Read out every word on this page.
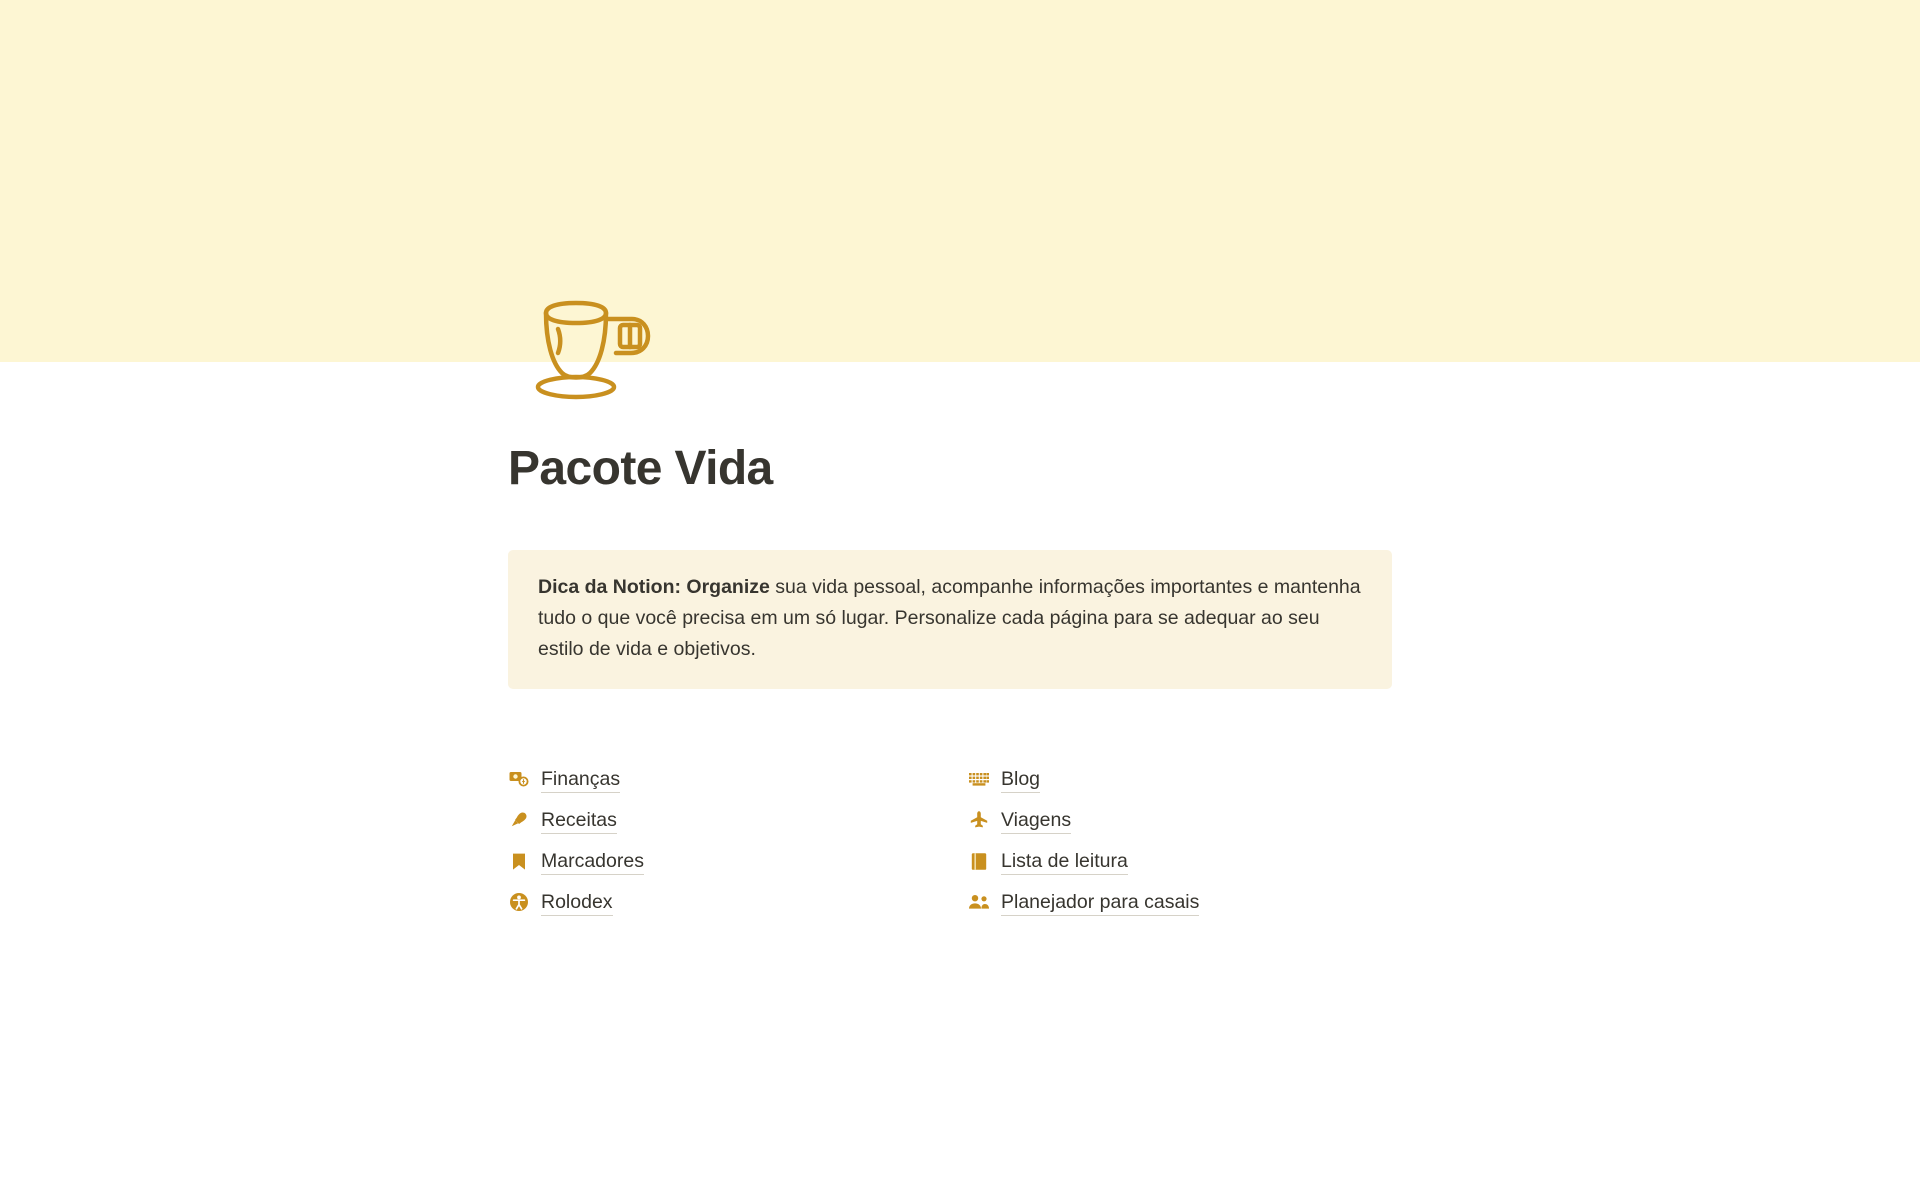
Pacote Vida

Dica da Notion: Organize sua vida pessoal, acompanhe informações importantes e mantenha tudo o que você precisa em um só lugar. Personalize cada página para se adequar ao seu estilo de vida e objetivos.

Finanças
Receitas
Marcadores
Rolodex
Blog
Viagens
Lista de leitura
Planejador para casais
